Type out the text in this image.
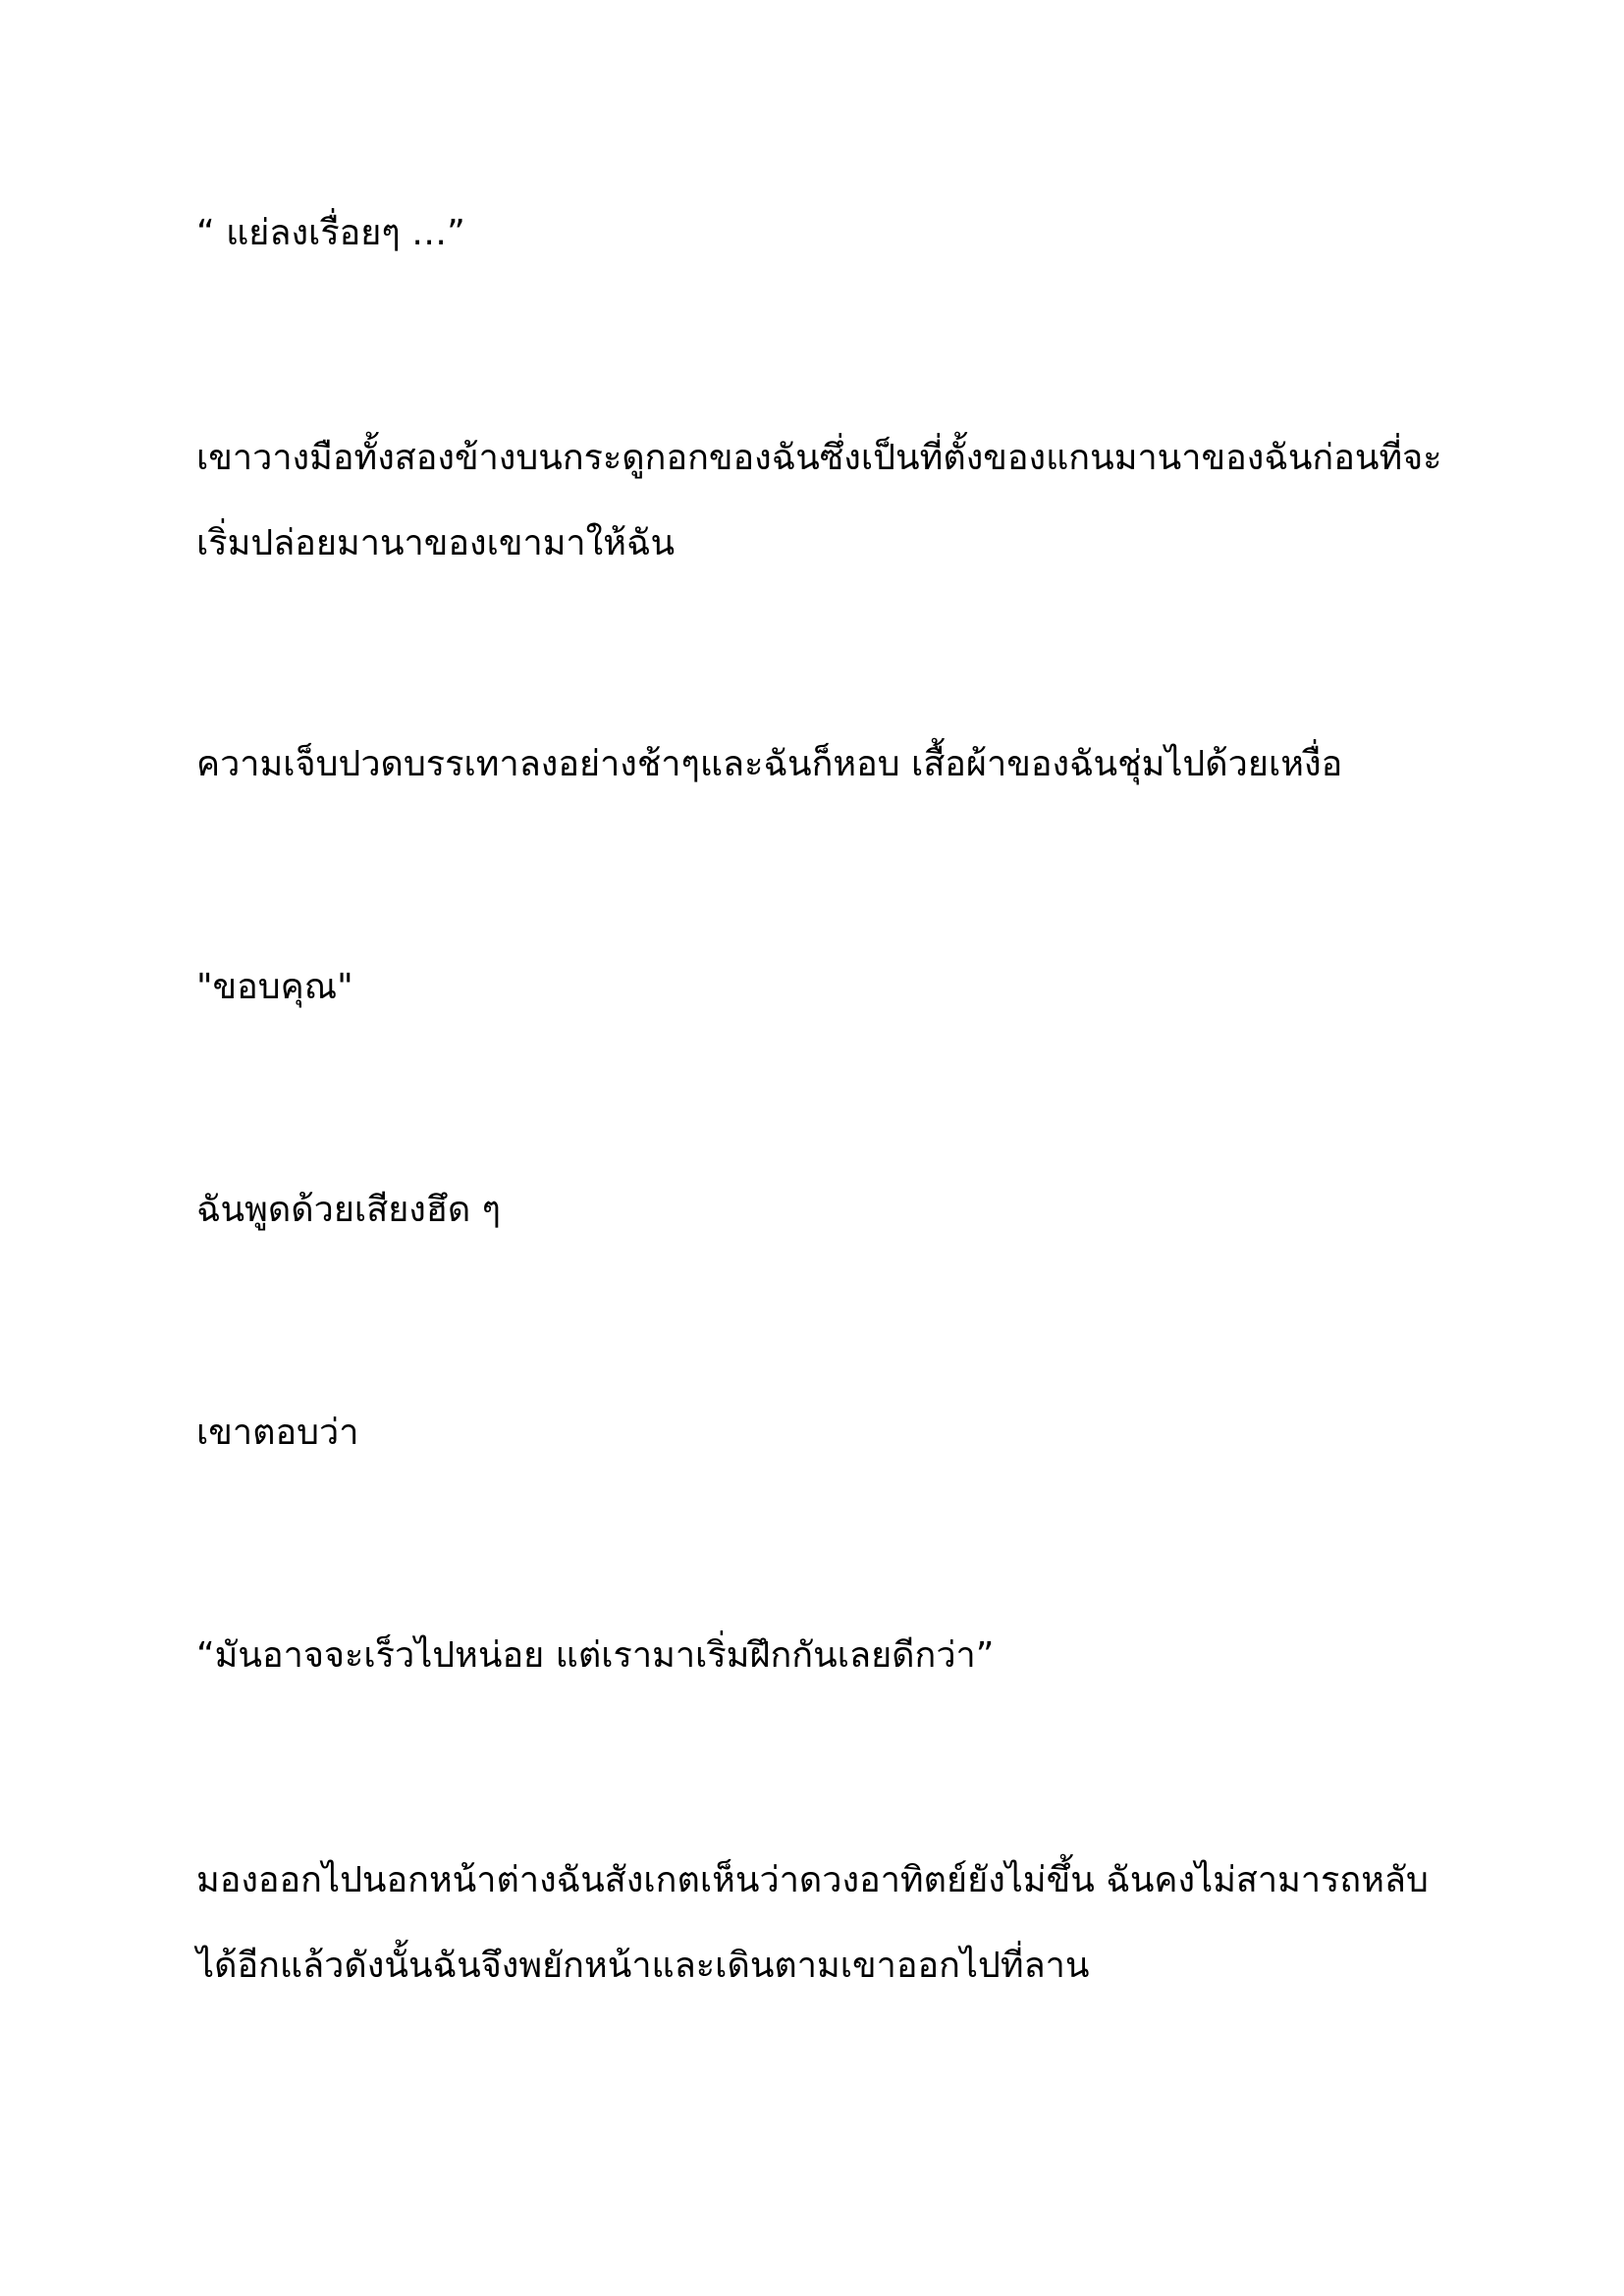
“ แย่ลงเรื่อยๆ …”

เขาวางมือทั้งสองข้างบนกระดูกอกของฉันซึ่งเป็นที่ตั้งของแกนมานาของฉันก่อนที่จะ
เริ่มปล่อยมานาของเขามาให้ฉัน

ความเจ็บปวดบรรเทาลงอย่างช้าๆและฉันก็หอบ เสื้อผ้าของฉันชุ่มไปด้วยเหงื่อ

"ขอบคุณ"

ฉันพูดด้วยเสียงฮึด ๆ

เขาตอบว่า

“มันอาจจะเร็วไปหน่อย แต่เรามาเริ่มฝึกกันเลยดีกว่า”

มองออกไปนอกหน้าต่างฉันสังเกตเห็นว่าดวงอาทิตย์ยังไม่ขึ้น ฉันคงไม่สามารถหลับ
ได้อีกแล้วดังนั้นฉันจึงพยักหน้าและเดินตามเขาออกไปที่ลาน
